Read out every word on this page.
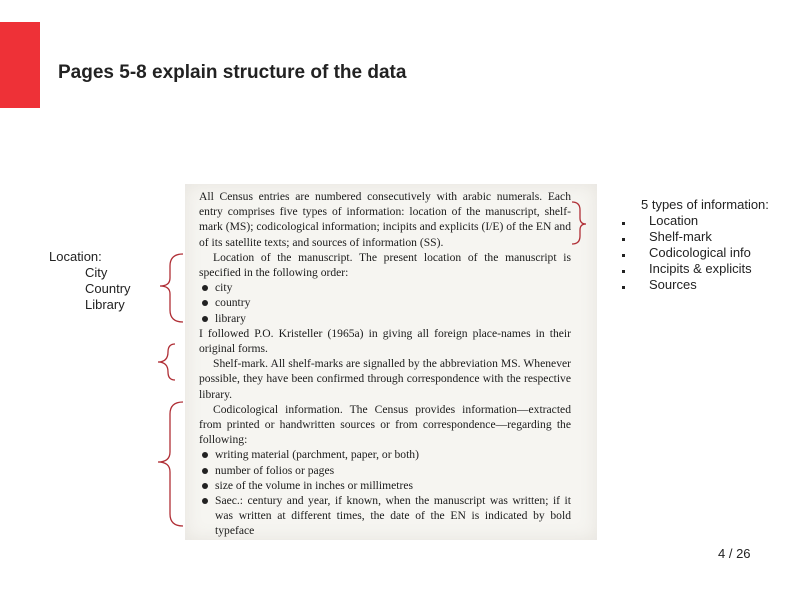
Pages 5-8 explain structure of the data
Location:
City
Country
Library

All Census entries are numbered consecutively with arabic numerals. Each entry comprises five types of information: location of the manuscript, shelf-mark (MS); codicological information; incipits and explicits (I/E) of the EN and of its satellite texts; and sources of information (SS).

Location of the manuscript. The present location of the manuscript is specified in the following order:

city
country
library

I followed P.O. Kristeller (1965a) in giving all foreign place-names in their original forms.

Shelf-mark. All shelf-marks are signalled by the abbreviation MS. Whenever possible, they have been confirmed through correspondence with the respective library.

Codicological information. The Census provides information—extracted from printed or handwritten sources or from correspondence—regarding the following:

writing material (parchment, paper, or both)
number of folios or pages
size of the volume in inches or millimetres
Saec.: century and year, if known, when the manuscript was written; if it was written at different times, the date of the EN is indicated by bold typeface
5 types of information:
Location
Shelf-mark
Codicological info
Incipits & explicits
Sources
4 / 26
